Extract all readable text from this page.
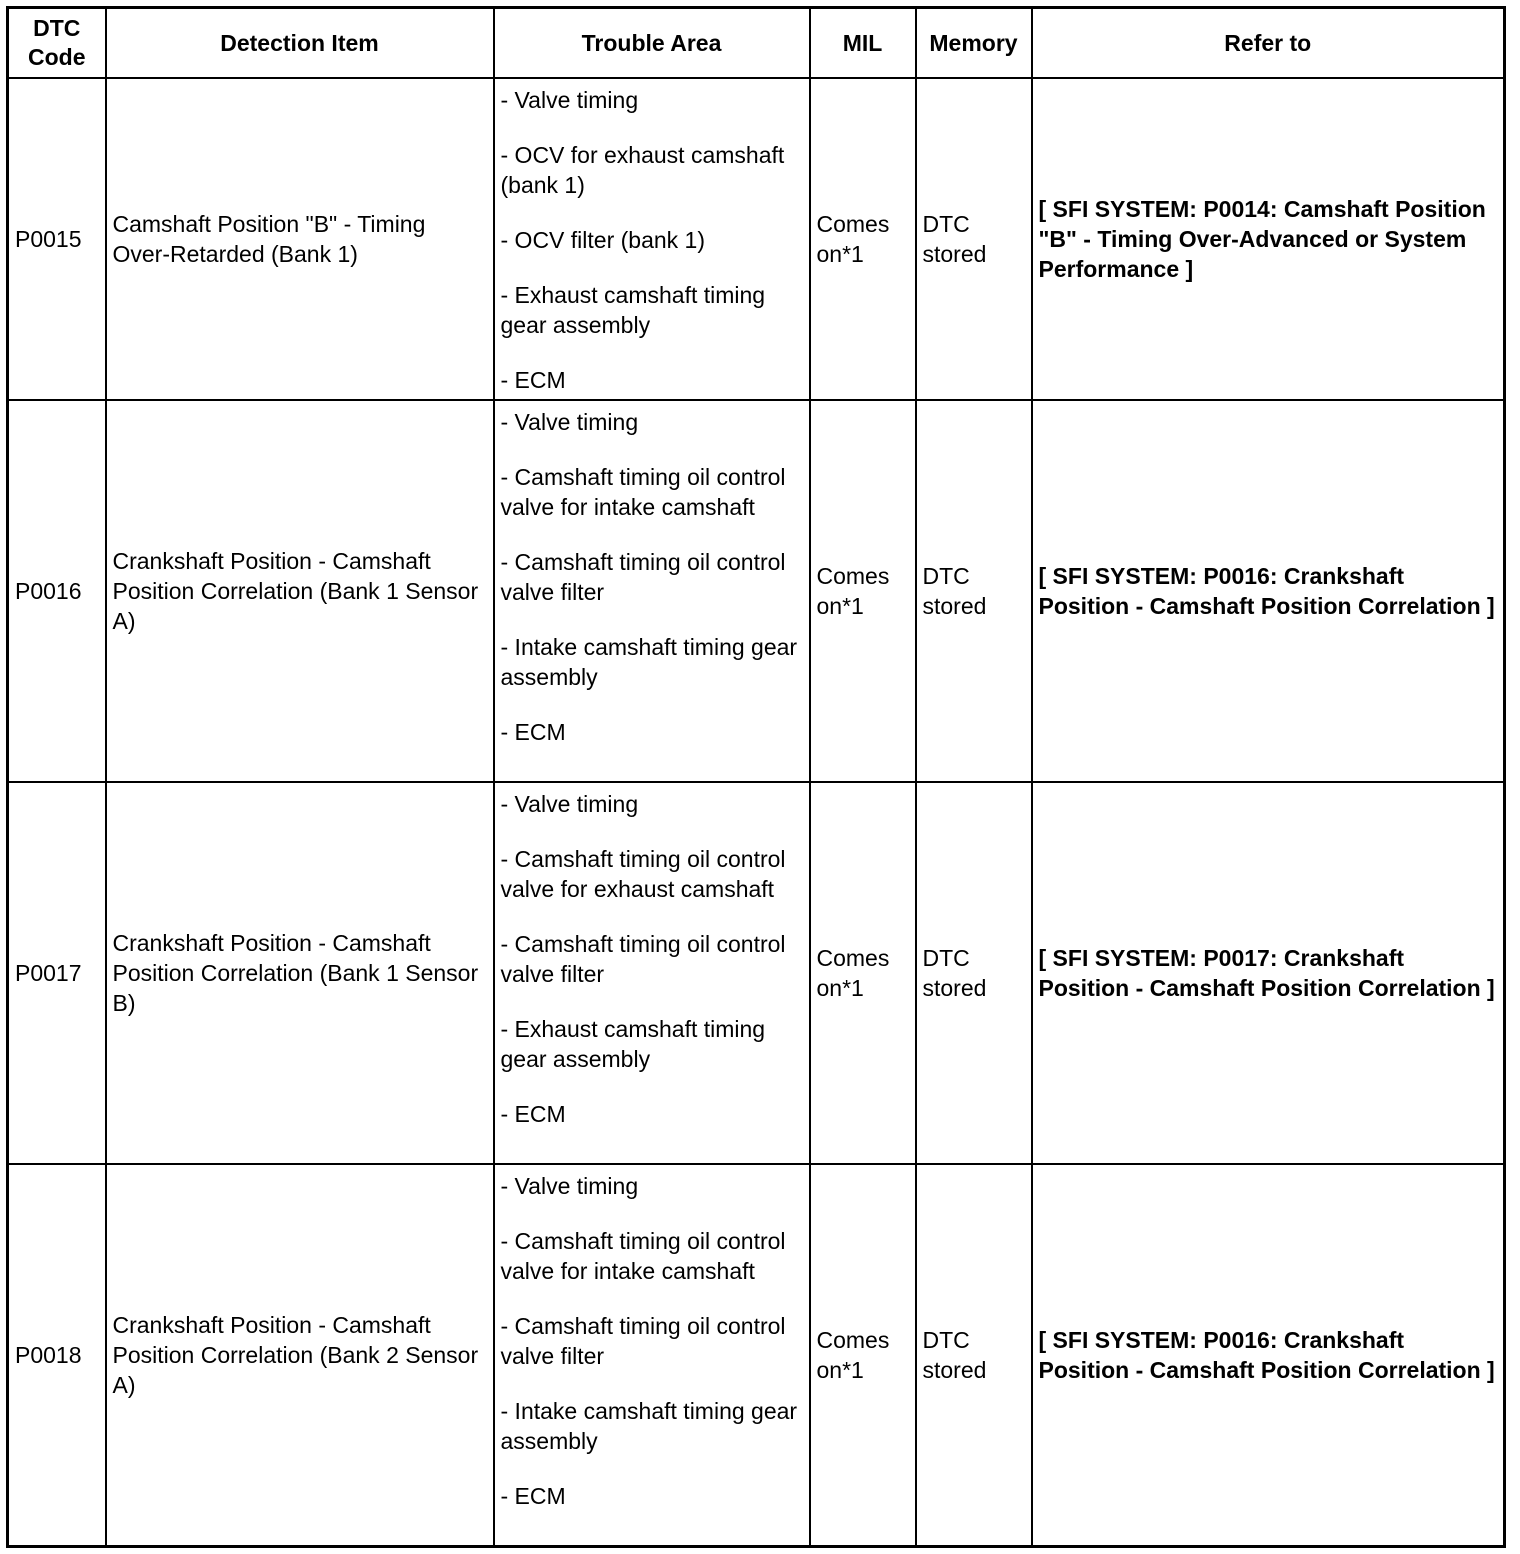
DTC Code	Detection Item	Trouble Area	MIL	Memory	Refer to
P0015	Camshaft Position "B" - Timing Over-Retarded (Bank 1)	- Valve timing
- OCV for exhaust camshaft (bank 1)
- OCV filter (bank 1)
- Exhaust camshaft timing gear assembly
- ECM	Comes on*1	DTC stored	[ SFI SYSTEM: P0014: Camshaft Position "B" - Timing Over-Advanced or System Performance ]
P0016	Crankshaft Position - Camshaft Position Correlation (Bank 1 Sensor A)	- Valve timing
- Camshaft timing oil control valve for intake camshaft
- Camshaft timing oil control valve filter
- Intake camshaft timing gear assembly
- ECM	Comes on*1	DTC stored	[ SFI SYSTEM: P0016: Crankshaft Position - Camshaft Position Correlation ]
P0017	Crankshaft Position - Camshaft Position Correlation (Bank 1 Sensor B)	- Valve timing
- Camshaft timing oil control valve for exhaust camshaft
- Camshaft timing oil control valve filter
- Exhaust camshaft timing gear assembly
- ECM	Comes on*1	DTC stored	[ SFI SYSTEM: P0017: Crankshaft Position - Camshaft Position Correlation ]
P0018	Crankshaft Position - Camshaft Position Correlation (Bank 2 Sensor A)	- Valve timing
- Camshaft timing oil control valve for intake camshaft
- Camshaft timing oil control valve filter
- Intake camshaft timing gear assembly
- ECM	Comes on*1	DTC stored	[ SFI SYSTEM: P0016: Crankshaft Position - Camshaft Position Correlation ]
